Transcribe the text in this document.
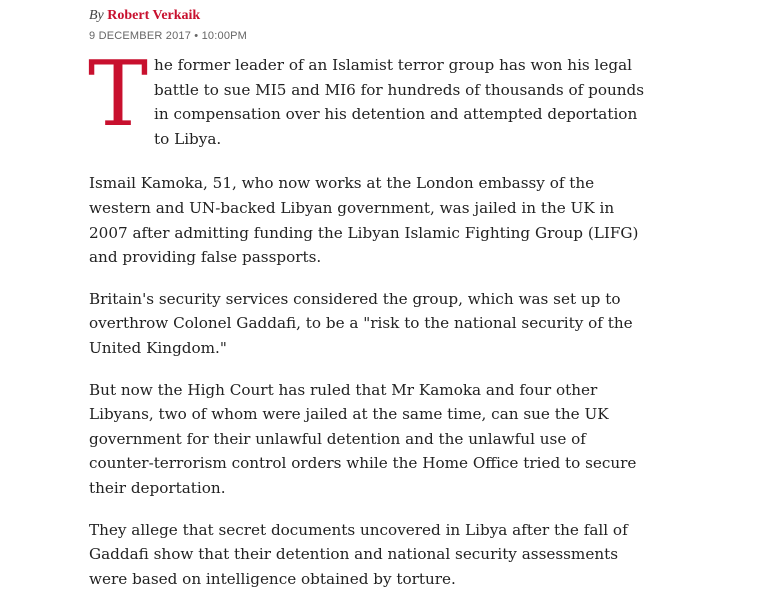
By Robert Verkaik
9 DECEMBER 2017 • 10:00PM

The former leader of an Islamist terror group has won his legal battle to sue MI5 and MI6 for hundreds of thousands of pounds in compensation over his detention and attempted deportation to Libya.

Ismail Kamoka, 51, who now works at the London embassy of the western and UN-backed Libyan government, was jailed in the UK in 2007 after admitting funding the Libyan Islamic Fighting Group (LIFG) and providing false passports.

Britain's security services considered the group, which was set up to overthrow Colonel Gaddafi, to be a "risk to the national security of the United Kingdom."

But now the High Court has ruled that Mr Kamoka and four other Libyans, two of whom were jailed at the same time, can sue the UK government for their unlawful detention and the unlawful use of counter-terrorism control orders while the Home Office tried to secure their deportation.

They allege that secret documents uncovered in Libya after the fall of Gaddafi show that their detention and national security assessments were based on intelligence obtained by torture.
